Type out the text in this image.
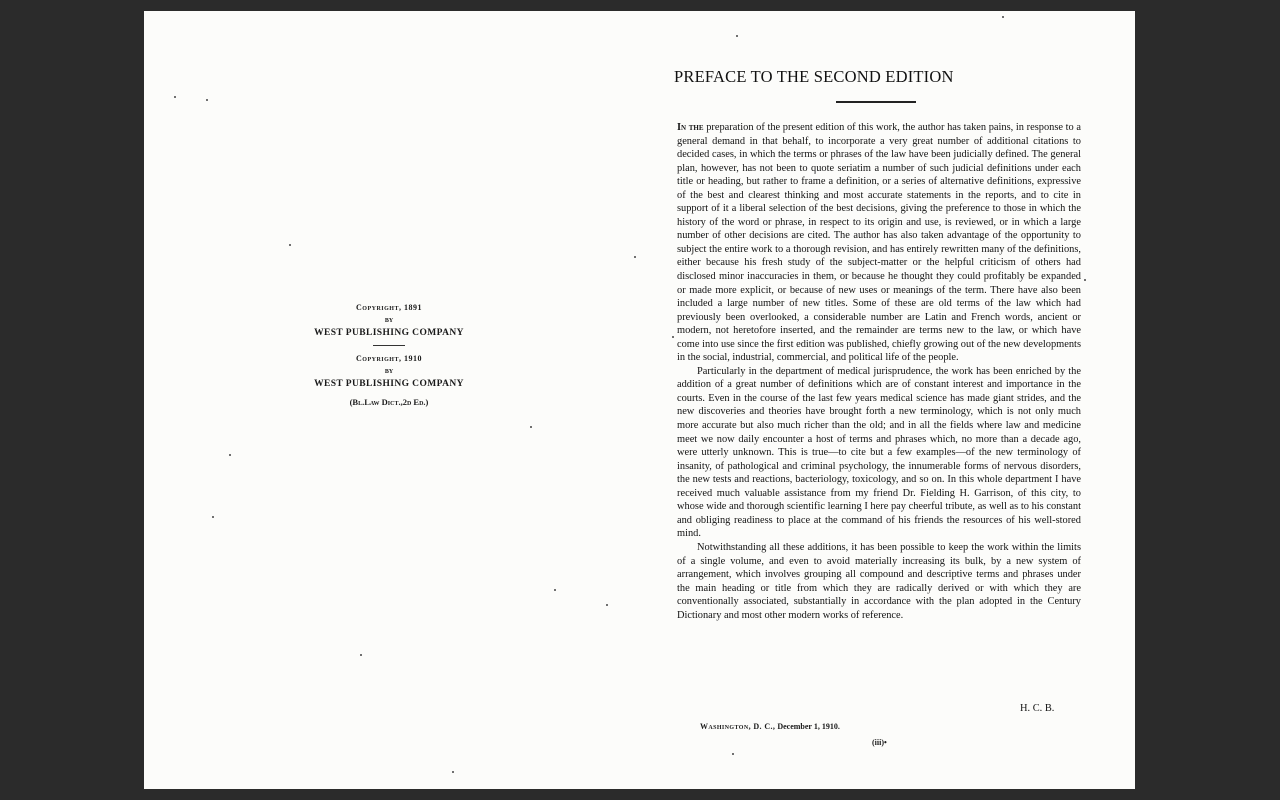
Copyright, 1891
BY
WEST PUBLISHING COMPANY
Copyright, 1910
BY
WEST PUBLISHING COMPANY
(Bl.Law Dict.,2d Ed.)
PREFACE TO THE SECOND EDITION

In the preparation of the present edition of this work, the author has taken pains, in response to a general demand in that behalf, to incorporate a very great number of additional citations to decided cases, in which the terms or phrases of the law have been judicially defined. The general plan, however, has not been to quote seriatim a number of such judicial definitions under each title or heading, but rather to frame a definition, or a series of alternative definitions, expressive of the best and clearest thinking and most accurate statements in the reports, and to cite in support of it a liberal selection of the best decisions, giving the preference to those in which the history of the word or phrase, in respect to its origin and use, is reviewed, or in which a large number of other decisions are cited. The author has also taken advantage of the opportunity to subject the entire work to a thorough revision, and has entirely rewritten many of the definitions, either because his fresh study of the subject-matter or the helpful criticism of others had disclosed minor inaccuracies in them, or because he thought they could profitably be expanded or made more explicit, or because of new uses or meanings of the term. There have also been included a large number of new titles. Some of these are old terms of the law which had previously been overlooked, a considerable number are Latin and French words, ancient or modern, not heretofore inserted, and the remainder are terms new to the law, or which have come into use since the first edition was published, chiefly growing out of the new developments in the social, industrial, commercial, and political life of the people.

Particularly in the department of medical jurisprudence, the work has been enriched by the addition of a great number of definitions which are of constant interest and importance in the courts. Even in the course of the last few years medical science has made giant strides, and the new discoveries and theories have brought forth a new terminology, which is not only much more accurate but also much richer than the old; and in all the fields where law and medicine meet we now daily encounter a host of terms and phrases which, no more than a decade ago, were utterly unknown. This is true—to cite but a few examples—of the new terminology of insanity, of pathological and criminal psychology, the innumerable forms of nervous disorders, the new tests and reactions, bacteriology, toxicology, and so on. In this whole department I have received much valuable assistance from my friend Dr. Fielding H. Garrison, of this city, to whose wide and thorough scientific learning I here pay cheerful tribute, as well as to his constant and obliging readiness to place at the command of his friends the resources of his well-stored mind.

Notwithstanding all these additions, it has been possible to keep the work within the limits of a single volume, and even to avoid materially increasing its bulk, by a new system of arrangement, which involves grouping all compound and descriptive terms and phrases under the main heading or title from which they are radically derived or with which they are conventionally associated, substantially in accordance with the plan adopted in the Century Dictionary and most other modern works of reference.

H. C. B.
Washington, D. C., December 1, 1910.
(iii)•
